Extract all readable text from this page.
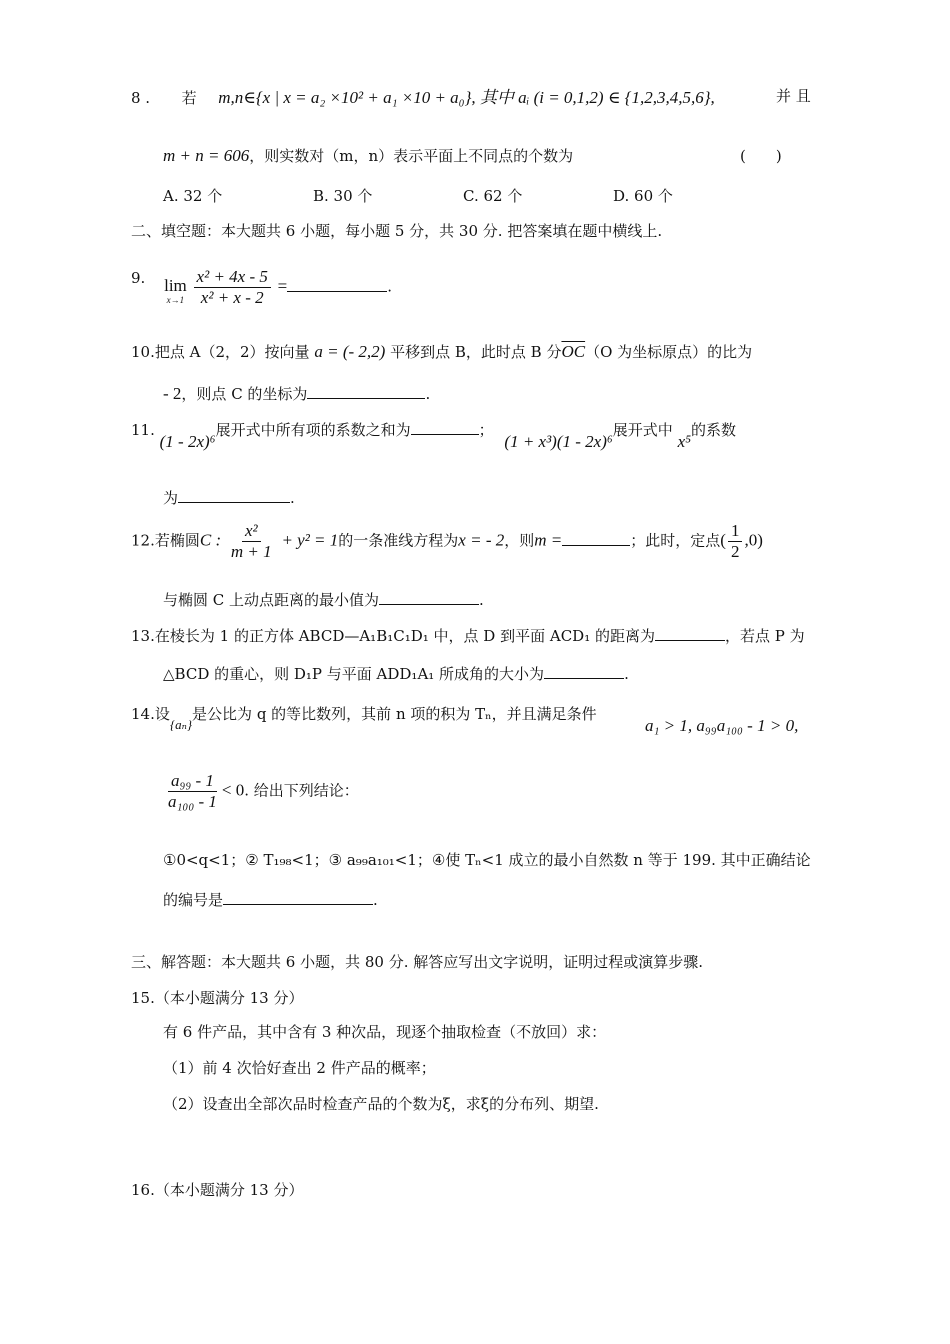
8 . 若 m,n∈{x | x = a₂ ×10² + a₁ ×10 + a₀}, 其中 aᵢ (i = 0,1,2) ∈ {1,2,3,4,5,6},	并 且
m + n = 606，则实数对（m，n）表示平面上不同点的个数为	(　　)
A. 32 个	B. 30 个	C. 62 个	D. 60 个
二、填空题：本大题共 6 小题，每小题 5 分，共 30 分. 把答案填在题中横线上.
9. lim
x→1
$\frac{\text{x² + 4x - 5}}{\text{x² + x - 2}}$ =	.
10.把点 A（2，2）按向量 a = (- 2,2) 平移到点 B，此时点 B 分$\overline{OC}(O$ 为坐标原点）的比为
- 2，则点 C 的坐标为	.
11. (1 - 2x)⁶展开式中所有项的系数之和为	； (1 + x³)(1 - 2x)⁶展开式中 x⁵的系数
为	.
12.若椭圆C : $\frac{\text{x²}}{m + 1} + y^2 = 1$的一条准线方程为x = - 2，则m =	；此时，定点( $\frac{1}{2} ,0$)
与椭圆 C 上动点距离的最小值为	.
13.在棱长为 1 的正方体 ABCD—A₁B₁C₁D₁ 中，点 D 到平面 ACD₁ 的距离为	，若点 P 为
△BCD 的重心，则 D₁P 与平面 ADD₁A₁ 所成角的大小为	.
14.设{aₙ}是公比为 q 的等比数列，其前 n 项的积为 Tₙ，并且满足条件
a₁ > 1, a₉₉a₁₀₀ - 1 > 0,
$\frac{\text{a₉₉ - 1}}{\text{a₁₀₀ - 1}} < 0$. 给出下列结论：
①0<q<1；② T₁₉₈<1；③ a₉₉a₁₀₁<1；④使 Tₙ<1 成立的最小自然数 n 等于 199. 其中正确结论
的编号是	.
三、解答题：本大题共 6 小题，共 80 分. 解答应写出文字说明，证明过程或演算步骤.
15.（本小题满分 13 分）
有 6 件产品，其中含有 3 种次品，现逐个抽取检查（不放回）求：
（1）前 4 次恰好查出 2 件产品的概率；
（2）设查出全部次品时检查产品的个数为ξ，求ξ的分布列、期望.
16.（本小题满分 13 分）
